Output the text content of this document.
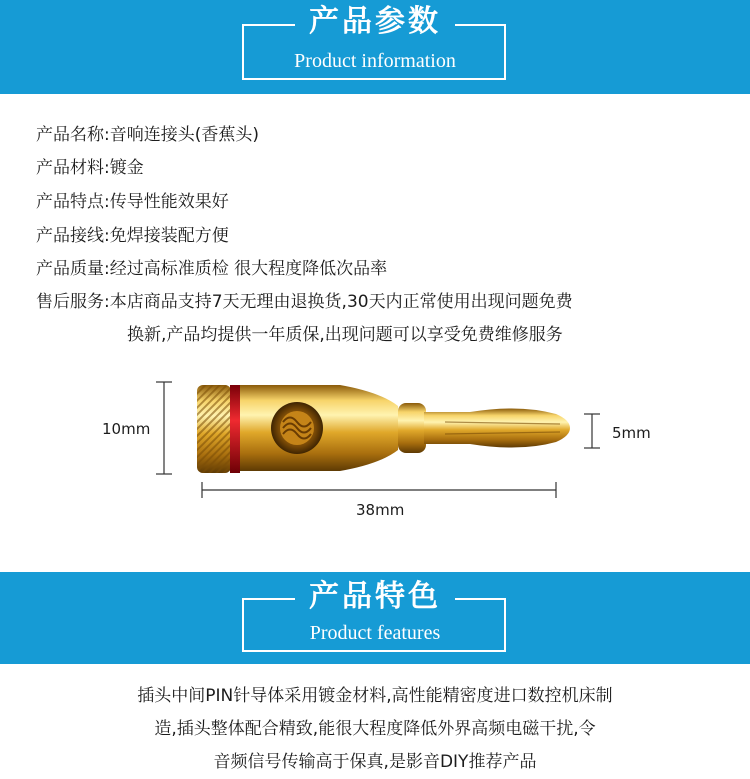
产品参数
Product information
产品名称:音响连接头(香蕉头)
产品材料:镀金
产品特点:传导性能效果好
产品接线:免焊接装配方便
产品质量:经过高标准质检 很大程度降低次品率
售后服务:本店商品支持7天无理由退换货,30天内正常使用出现问题免费
换新,产品均提供一年质保,出现问题可以享受免费维修服务
10mm	5mm
38mm
产品特色
Product features
插头中间PIN针导体采用镀金材料,高性能精密度进口数控机床制
造,插头整体配合精致,能很大程度降低外界高频电磁干扰,令
音频信号传输高于保真,是影音DIY推荐产品
